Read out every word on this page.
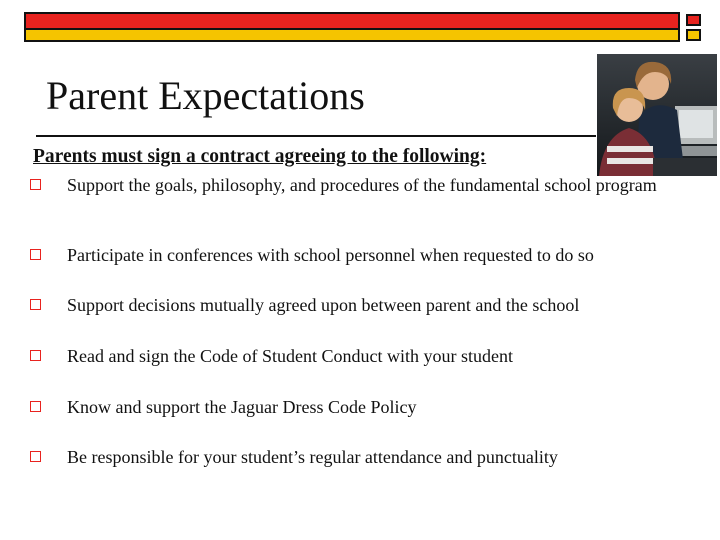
Parent Expectations

Parents must sign a contract agreeing to the following:

Support the goals, philosophy, and procedures of the fundamental school program
Participate in conferences with school personnel when requested to do so
Support decisions mutually agreed upon between parent and the school
Read and sign the Code of Student Conduct with your student
Know and support the Jaguar Dress Code Policy
Be responsible for your student’s regular attendance and punctuality
